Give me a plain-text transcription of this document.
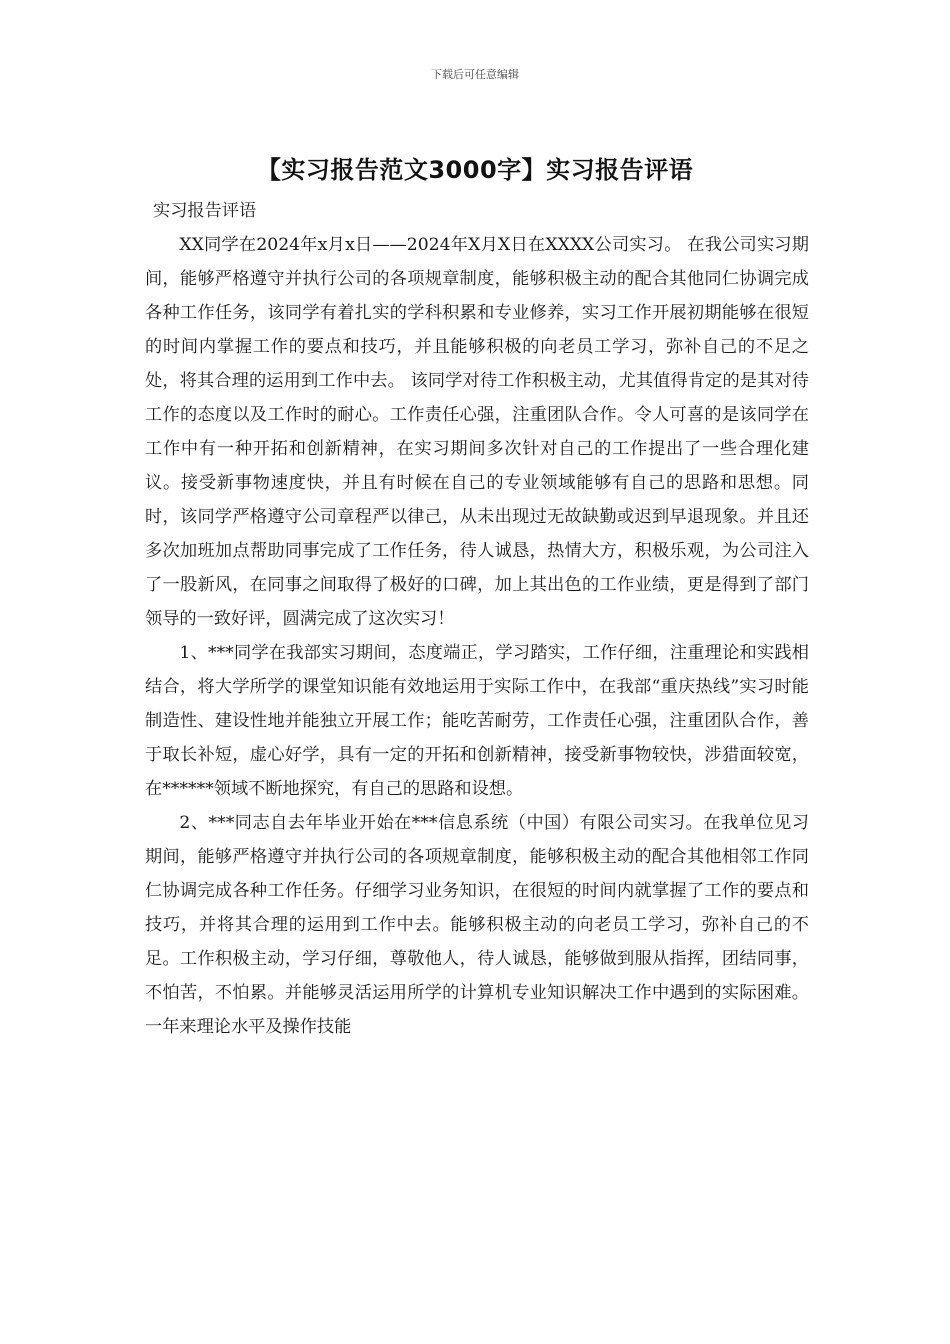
下载后可任意编辑
【实习报告范文3000字】实习报告评语

实习报告评语

XX同学在2024年x月x日——2024年X月X日在XXXX公司实习。 在我公司实习期间，能够严格遵守并执行公司的各项规章制度，能够积极主动的配合其他同仁协调完成各种工作任务，该同学有着扎实的学科积累和专业修养，实习工作开展初期能够在很短的时间内掌握工作的要点和技巧，并且能够积极的向老员工学习，弥补自己的不足之处，将其合理的运用到工作中去。 该同学对待工作积极主动，尤其值得肯定的是其对待工作的态度以及工作时的耐心。工作责任心强，注重团队合作。令人可喜的是该同学在工作中有一种开拓和创新精神，在实习期间多次针对自己的工作提出了一些合理化建议。接受新事物速度快，并且有时候在自己的专业领域能够有自己的思路和思想。同时，该同学严格遵守公司章程严以律己，从未出现过无故缺勤或迟到早退现象。并且还多次加班加点帮助同事完成了工作任务，待人诚恳，热情大方，积极乐观，为公司注入了一股新风，在同事之间取得了极好的口碑，加上其出色的工作业绩，更是得到了部门领导的一致好评，圆满完成了这次实习！

1、***同学在我部实习期间，态度端正，学习踏实，工作仔细，注重理论和实践相结合，将大学所学的课堂知识能有效地运用于实际工作中，在我部“重庆热线”实习时能制造性、建设性地并能独立开展工作；能吃苦耐劳，工作责任心强，注重团队合作，善于取长补短，虚心好学，具有一定的开拓和创新精神，接受新事物较快，涉猎面较宽，在******领域不断地探究，有自己的思路和设想。

2、***同志自去年毕业开始在***信息系统（中国）有限公司实习。在我单位见习期间，能够严格遵守并执行公司的各项规章制度，能够积极主动的配合其他相邻工作同仁协调完成各种工作任务。仔细学习业务知识，在很短的时间内就掌握了工作的要点和技巧，并将其合理的运用到工作中去。能够积极主动的向老员工学习，弥补自己的不足。工作积极主动，学习仔细，尊敬他人，待人诚恳，能够做到服从指挥，团结同事，不怕苦，不怕累。并能够灵活运用所学的计算机专业知识解决工作中遇到的实际困难。一年来理论水平及操作技能
